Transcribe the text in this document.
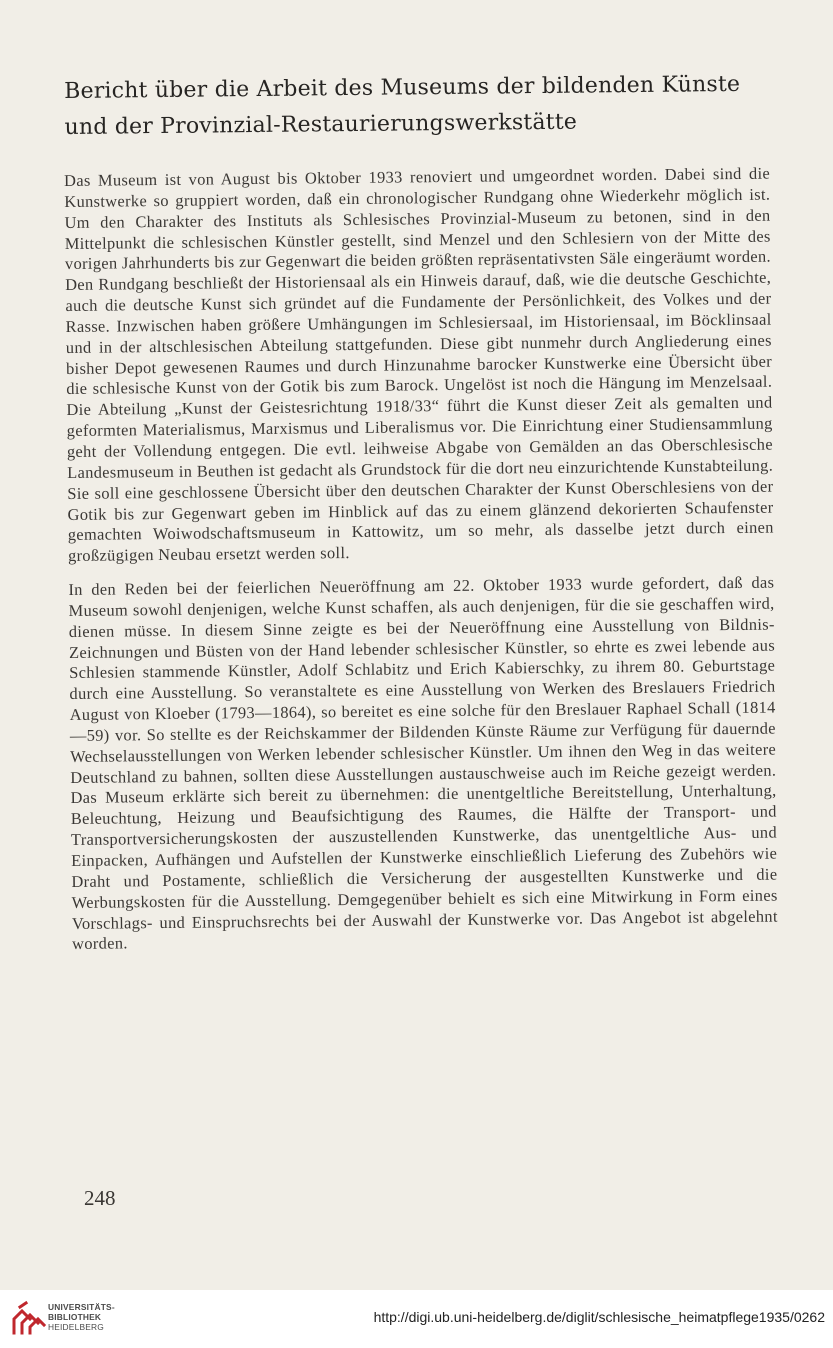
Bericht über die Arbeit des Museums der bildenden Künste
und der Provinzial-Restaurierungswerkstätte

Das Museum ist von August bis Oktober 1933 renoviert und umgeordnet worden. Dabei sind die Kunstwerke so gruppiert worden, daß ein chronologischer Rundgang ohne Wiederkehr möglich ist. Um den Charakter des Instituts als Schlesisches Provinzial-Museum zu betonen, sind in den Mittelpunkt die schlesischen Künstler gestellt, sind Menzel und den Schlesiern von der Mitte des vorigen Jahrhunderts bis zur Gegenwart die beiden größten repräsentativsten Säle eingeräumt worden. Den Rundgang beschließt der Historiensaal als ein Hinweis darauf, daß, wie die deutsche Geschichte, auch die deutsche Kunst sich gründet auf die Fundamente der Persönlichkeit, des Volkes und der Rasse. Inzwischen haben größere Umhängungen im Schlesiersaal, im Historiensaal, im Böcklinsaal und in der altschlesischen Abteilung stattgefunden. Diese gibt nunmehr durch Angliederung eines bisher Depot gewesenen Raumes und durch Hinzunahme barocker Kunstwerke eine Übersicht über die schlesische Kunst von der Gotik bis zum Barock. Ungelöst ist noch die Hängung im Menzelsaal. Die Abteilung „Kunst der Geistesrichtung 1918/33“ führt die Kunst dieser Zeit als gemalten und geformten Materialismus, Marxismus und Liberalismus vor. Die Einrichtung einer Studiensammlung geht der Vollendung entgegen. Die evtl. leihweise Abgabe von Gemälden an das Oberschlesische Landesmuseum in Beuthen ist gedacht als Grundstock für die dort neu einzurichtende Kunstabteilung. Sie soll eine geschlossene Übersicht über den deutschen Charakter der Kunst Oberschlesiens von der Gotik bis zur Gegenwart geben im Hinblick auf das zu einem glänzend dekorierten Schaufenster gemachten Woiwodschaftsmuseum in Kattowitz, um so mehr, als dasselbe jetzt durch einen großzügigen Neubau ersetzt werden soll.

In den Reden bei der feierlichen Neueröffnung am 22. Oktober 1933 wurde gefordert, daß das Museum sowohl denjenigen, welche Kunst schaffen, als auch denjenigen, für die sie geschaffen wird, dienen müsse. In diesem Sinne zeigte es bei der Neueröffnung eine Ausstellung von Bildnis-Zeichnungen und Büsten von der Hand lebender schlesischer Künstler, so ehrte es zwei lebende aus Schlesien stammende Künstler, Adolf Schlabitz und Erich Kabierschky, zu ihrem 80. Geburtstage durch eine Ausstellung. So veranstaltete es eine Ausstellung von Werken des Breslauers Friedrich August von Kloeber (1793—1864), so bereitet es eine solche für den Breslauer Raphael Schall (1814—59) vor. So stellte es der Reichskammer der Bildenden Künste Räume zur Verfügung für dauernde Wechselausstellungen von Werken lebender schlesischer Künstler. Um ihnen den Weg in das weitere Deutschland zu bahnen, sollten diese Ausstellungen austauschweise auch im Reiche gezeigt werden. Das Museum erklärte sich bereit zu übernehmen: die unentgeltliche Bereitstellung, Unterhaltung, Beleuchtung, Heizung und Beaufsichtigung des Raumes, die Hälfte der Transport- und Transportversicherungskosten der auszustellenden Kunstwerke, das unentgeltliche Aus- und Einpacken, Aufhängen und Aufstellen der Kunstwerke einschließlich Lieferung des Zubehörs wie Draht und Postamente, schließlich die Versicherung der ausgestellten Kunstwerke und die Werbungskosten für die Ausstellung. Demgegenüber behielt es sich eine Mitwirkung in Form eines Vorschlags- und Einspruchsrechts bei der Auswahl der Kunstwerke vor. Das Angebot ist abgelehnt worden.

248

UNIVERSITÄTS-
BIBLIOTHEK
HEIDELBERG
http://digi.ub.uni-heidelberg.de/diglit/schlesische_heimatpflege1935/0262
